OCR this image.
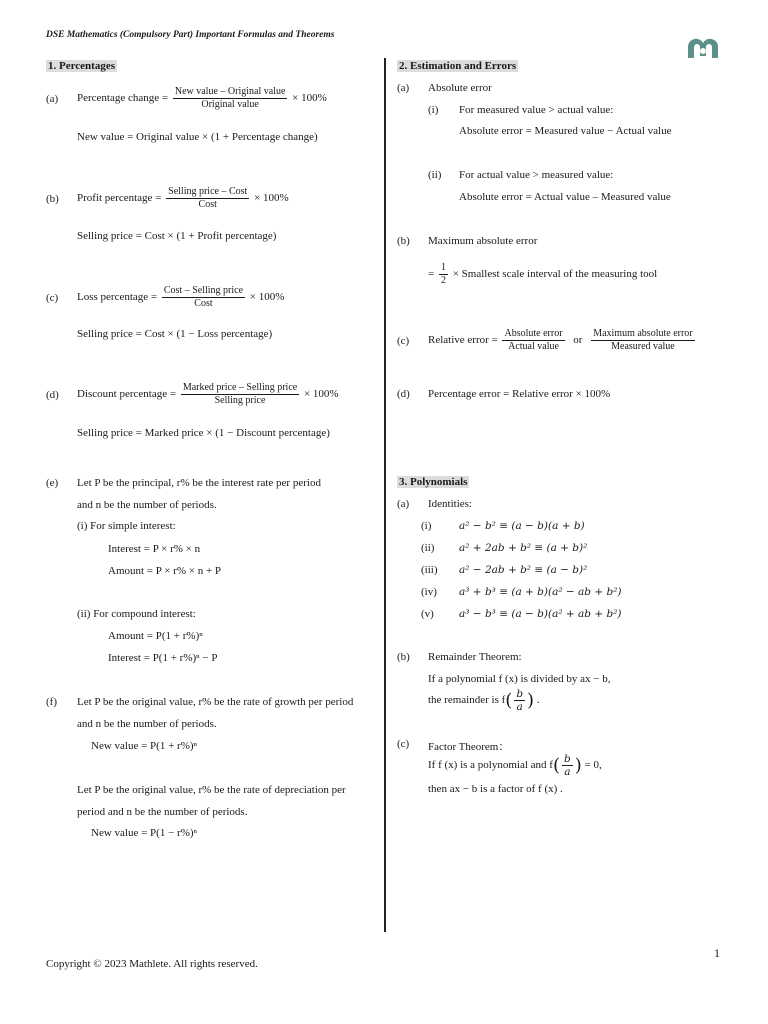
DSE Mathematics (Compulsory Part) Important Formulas and Theorems
1. Percentages
(a) Percentage change = $\frac{\text{New value – Original value}}{\text{Original value}} \times 100\%$
New value = Original value × (1 + Percentage change)
(b) Profit percentage = $\frac{\text{Selling price – Cost}}{\text{Cost}} \times 100\%$
Selling price = Cost × (1 + Profit percentage)
(c) Loss percentage = $\frac{\text{Cost – Selling price}}{\text{Cost}} \times 100\%$
Selling price = Cost × (1 − Loss percentage)
(d) Discount percentage = $\frac{\text{Marked price – Selling price}}{\text{Selling price}} \times 100\%$
Selling price = Marked price × (1 − Discount percentage)
(e) Let P be the principal, r% be the interest rate per period
and n be the number of periods.
(i) For simple interest:
Interest = P × r% × n
Amount = P × r% × n + P
(ii) For compound interest:
Amount = P(1 + r%)ⁿ
Interest = P(1 + r%)ⁿ − P
(f) Let P be the original value, r% be the rate of growth per period
and n be the number of periods.
New value = P(1 + r%)ⁿ
Let P be the original value, r% be the rate of depreciation per
period and n be the number of periods.
New value = P(1 − r%)ⁿ
2. Estimation and Errors
(a) Absolute error
(i) For measured value > actual value:
Absolute error = Measured value − Actual value
(ii) For actual value > measured value:
Absolute error = Actual value – Measured value
(b) Maximum absolute error
= $\frac{1}{2}$ × Smallest scale interval of the measuring tool
(c) Relative error = $\frac{\text{Absolute error}}{\text{Actual value}}$ or $\frac{\text{Maximum absolute error}}{\text{Measured value}}$
(d) Percentage error = Relative error × 100%
3. Polynomials
(a) Identities:
(i)	a² − b² ≡ (a − b)(a + b)
(ii) a² + 2ab + b² ≡ (a + b)²
(iii) a² − 2ab + b² ≡ (a − b)²
(iv) a³ + b³ ≡ (a + b)(a² − ab + b²)
(v) a³ − b³ ≡ (a − b)(a² + ab + b²)
(b) Remainder Theorem:
If a polynomial f (x) is divided by ax − b,
the remainder is $f( \frac{b}{a}$ ) .
(c) Factor Theorem：
If f (x) is a polynomial and $f( \frac{b}{a}$ ) = 0,
then ax − b is a factor of f (x) .
1
Copyright © 2023 Mathlete. All rights reserved.
